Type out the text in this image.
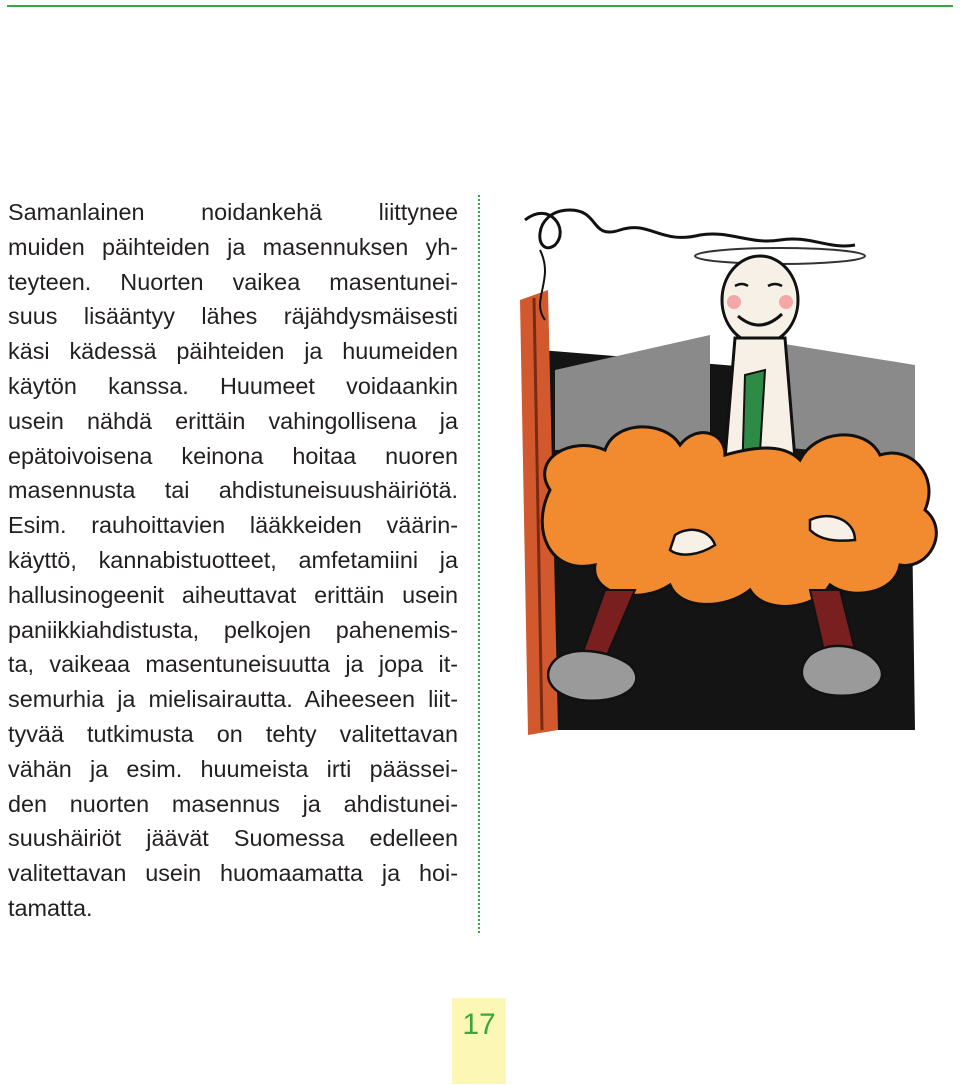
Samanlainen noidankehä liittynee
muiden päihteiden ja masennuksen yh-
teyteen. Nuorten vaikea masentunei-
suus lisääntyy lähes räjähdysmäisesti
käsi kädessä päihteiden ja huumeiden
käytön kanssa. Huumeet voidaankin
usein nähdä erittäin vahingollisena ja
epätoivoisena keinona hoitaa nuoren
masennusta tai ahdistuneisuushäiriötä.
Esim. rauhoittavien lääkkeiden väärin-
käyttö, kannabistuotteet, amfetamiini ja
hallusinogeenit aiheuttavat erittäin usein
paniikkiahdistusta, pelkojen pahenemis-
ta, vaikeaa masentuneisuutta ja jopa it-
semurhia ja mielisairautta. Aiheeseen liit-
tyvää tutkimusta on tehty valitettavan
vähän ja esim. huumeista irti päässei-
den nuorten masennus ja ahdistunei-
suushäiriöt jäävät Suomessa edelleen
valitettavan usein huomaamatta ja hoi-
tamatta.
17
